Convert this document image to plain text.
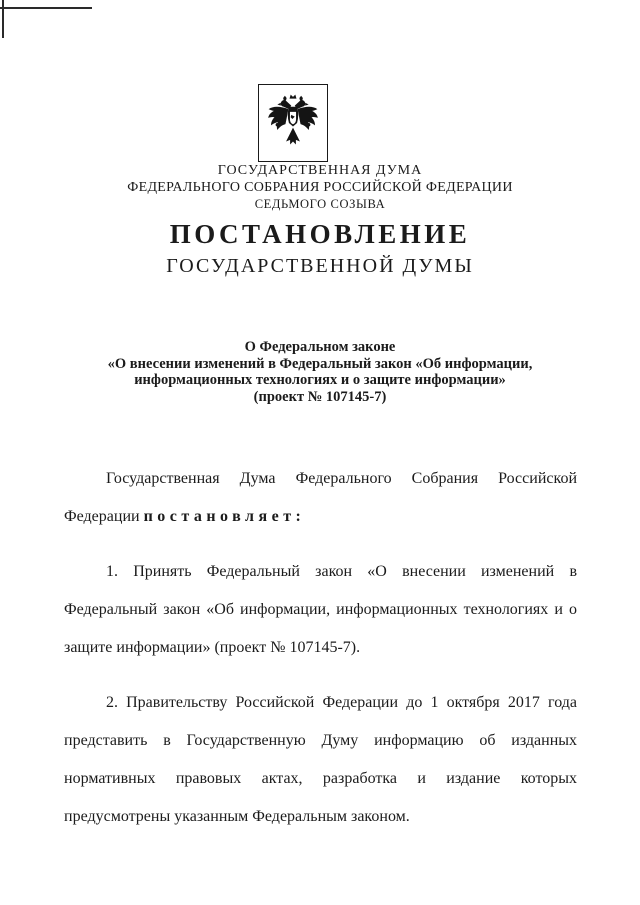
ГОСУДАРСТВЕННАЯ ДУМА
ФЕДЕРАЛЬНОГО СОБРАНИЯ РОССИЙСКОЙ ФЕДЕРАЦИИ
СЕДЬМОГО СОЗЫВА
ПОСТАНОВЛЕНИЕ
ГОСУДАРСТВЕННОЙ ДУМЫ
О Федеральном законе
«О внесении изменений в Федеральный закон «Об информации,
информационных технологиях и о защите информации»
(проект № 107145-7)

Государственная Дума Федерального Собрания Российской Федерации постановляет:

1. Принять Федеральный закон «О внесении изменений в Федеральный закон «Об информации, информационных технологиях и о защите информации» (проект № 107145-7).

2. Правительству Российской Федерации до 1 октября 2017 года представить в Государственную Думу информацию об изданных нормативных правовых актах, разработка и издание которых предусмотрены указанным Федеральным законом.
